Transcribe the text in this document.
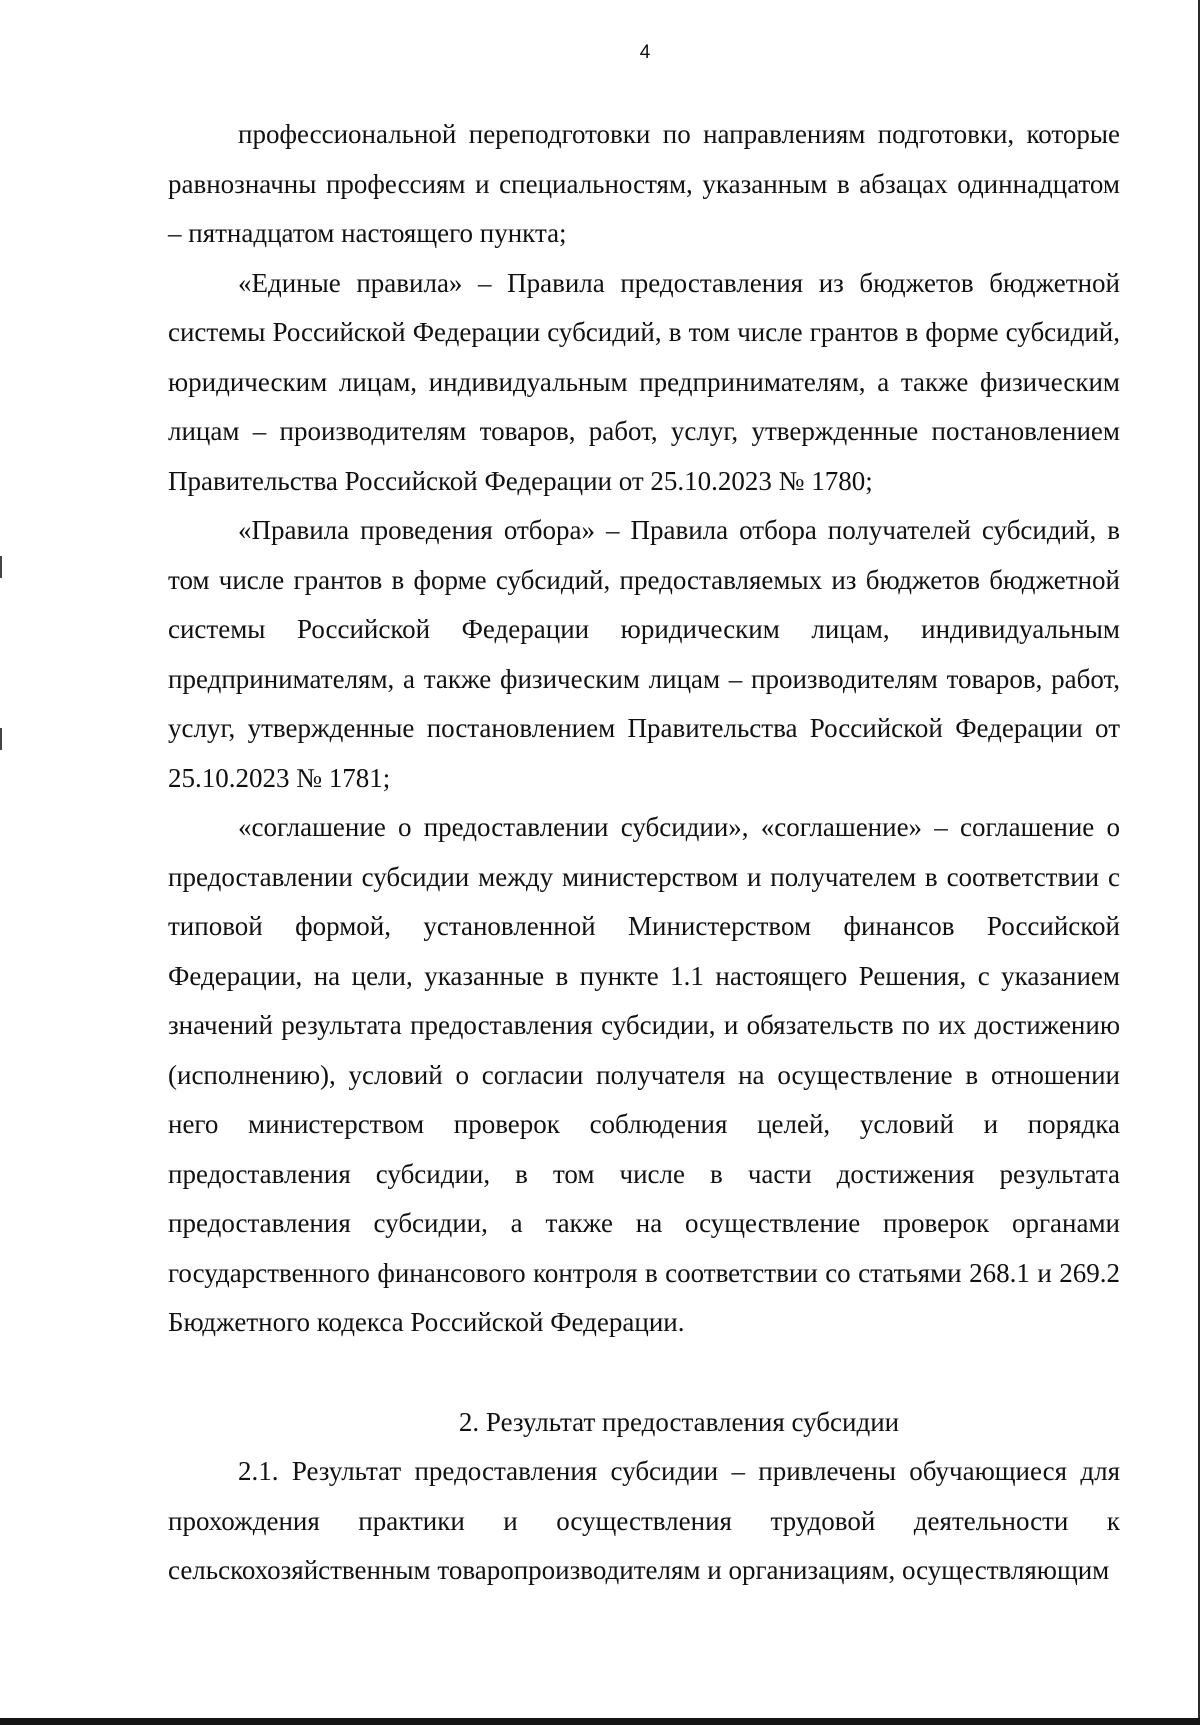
4

профессиональной переподготовки по направлениям подготовки, которые равнозначны профессиям и специальностям, указанным в абзацах одиннадцатом – пятнадцатом настоящего пункта;

«Единые правила» – Правила предоставления из бюджетов бюджетной системы Российской Федерации субсидий, в том числе грантов в форме субсидий, юридическим лицам, индивидуальным предпринимателям, а также физическим лицам – производителям товаров, работ, услуг, утвержденные постановлением Правительства Российской Федерации от 25.10.2023 № 1780;

«Правила проведения отбора» – Правила отбора получателей субсидий, в том числе грантов в форме субсидий, предоставляемых из бюджетов бюджетной системы Российской Федерации юридическим лицам, индивидуальным предпринимателям, а также физическим лицам – производителям товаров, работ, услуг, утвержденные постановлением Правительства Российской Федерации от 25.10.2023 № 1781;

«соглашение о предоставлении субсидии», «соглашение» – соглашение о предоставлении субсидии между министерством и получателем в соответствии с типовой формой, установленной Министерством финансов Российской Федерации, на цели, указанные в пункте 1.1 настоящего Решения, с указанием значений результата предоставления субсидии, и обязательств по их достижению (исполнению), условий о согласии получателя на осуществление в отношении него министерством проверок соблюдения целей, условий и порядка предоставления субсидии, в том числе в части достижения результата предоставления субсидии, а также на осуществление проверок органами государственного финансового контроля в соответствии со статьями 268.1 и 269.2 Бюджетного кодекса Российской Федерации.

2. Результат предоставления субсидии

2.1. Результат предоставления субсидии – привлечены обучающиеся для прохождения практики и осуществления трудовой деятельности к сельскохозяйственным товаропроизводителям и организациям, осуществляющим
